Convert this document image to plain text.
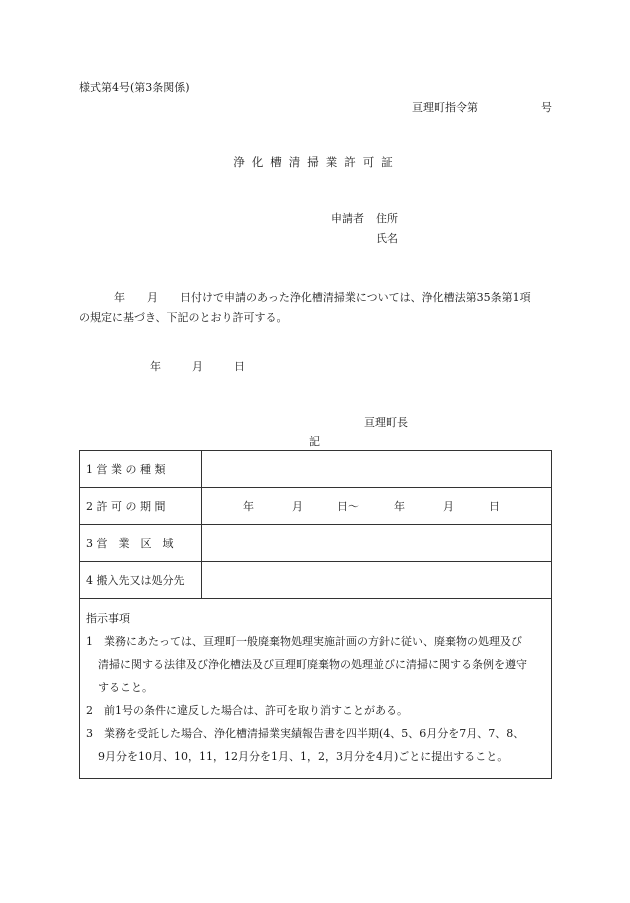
様式第4号(第3条関係)
亘理町指令第	号
浄 化 槽 清 掃 業 許 可 証
申請者 住所
氏名
年　　月　　日付けで申請のあった浄化槽清掃業については、浄化槽法第35条第1項
の規定に基づき、下記のとおり許可する。
年	月	日
亘理町長
記
1 営 業 の 種 類
2 許 可 の 期 間	年	月	日～	年	月	日
3 営　業　区　域
4 搬入先又は処分先
指示事項
1　業務にあたっては、亘理町一般廃棄物処理実施計画の方針に従い、廃棄物の処理及び
清掃に関する法律及び浄化槽法及び亘理町廃棄物の処理並びに清掃に関する条例を遵守
すること。
2　前1号の条件に違反した場合は、許可を取り消すことがある。
3　業務を受託した場合、浄化槽清掃業実績報告書を四半期(4、5、6月分を7月、7、8、
9月分を10月、10，11，12月分を1月、1，2，3月分を4月)ごとに提出すること。
